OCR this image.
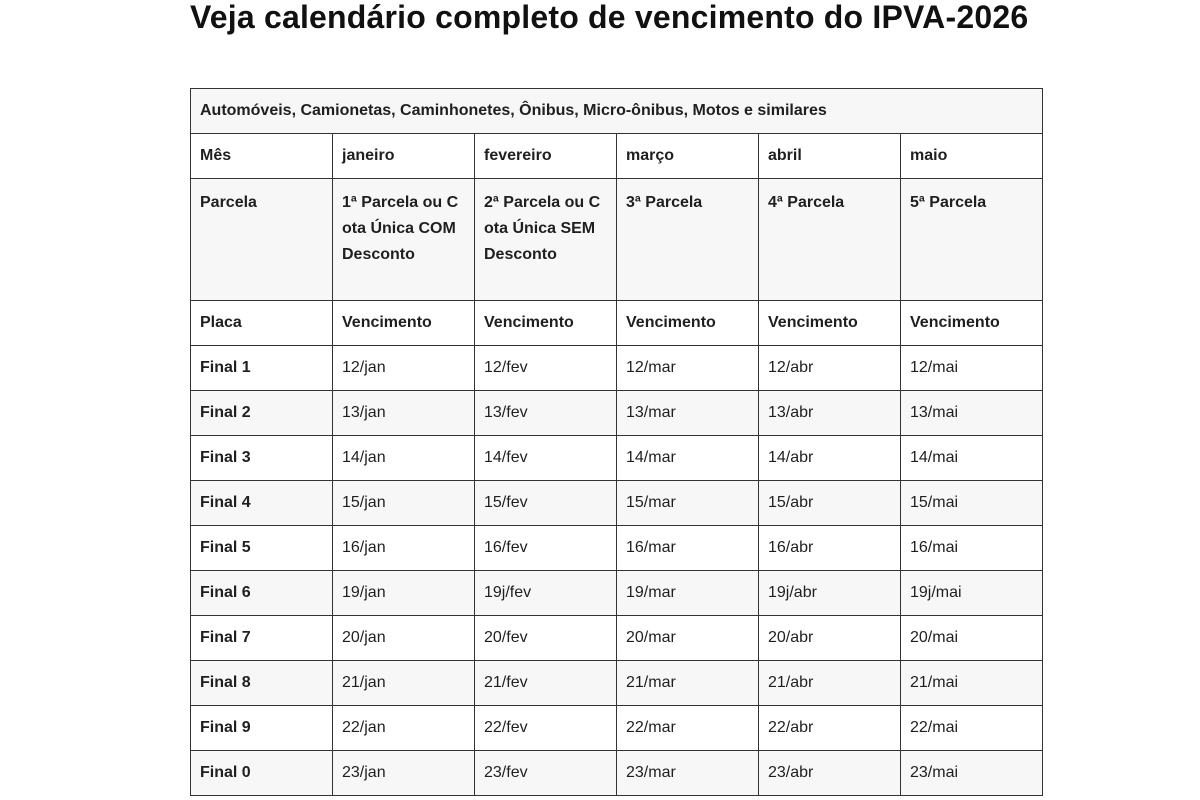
Veja calendário completo de vencimento do IPVA-2026
Automóveis, Camionetas, Caminhonetes, Ônibus, Micro-ônibus, Motos e similares					
Mês	janeiro	fevereiro	março	abril	maio
Parcela	1ª Parcela ou Cota Única COM Desconto	2ª Parcela ou Cota Única SEM Desconto	3ª Parcela	4ª Parcela	5ª Parcela
Placa	Vencimento	Vencimento	Vencimento	Vencimento	Vencimento
Final 1	12/jan	12/fev	12/mar	12/abr	12/mai
Final 2	13/jan	13/fev	13/mar	13/abr	13/mai
Final 3	14/jan	14/fev	14/mar	14/abr	14/mai
Final 4	15/jan	15/fev	15/mar	15/abr	15/mai
Final 5	16/jan	16/fev	16/mar	16/abr	16/mai
Final 6	19/jan	19j/fev	19/mar	19j/abr	19j/mai
Final 7	20/jan	20/fev	20/mar	20/abr	20/mai
Final 8	21/jan	21/fev	21/mar	21/abr	21/mai
Final 9	22/jan	22/fev	22/mar	22/abr	22/mai
Final 0	23/jan	23/fev	23/mar	23/abr	23/mai
